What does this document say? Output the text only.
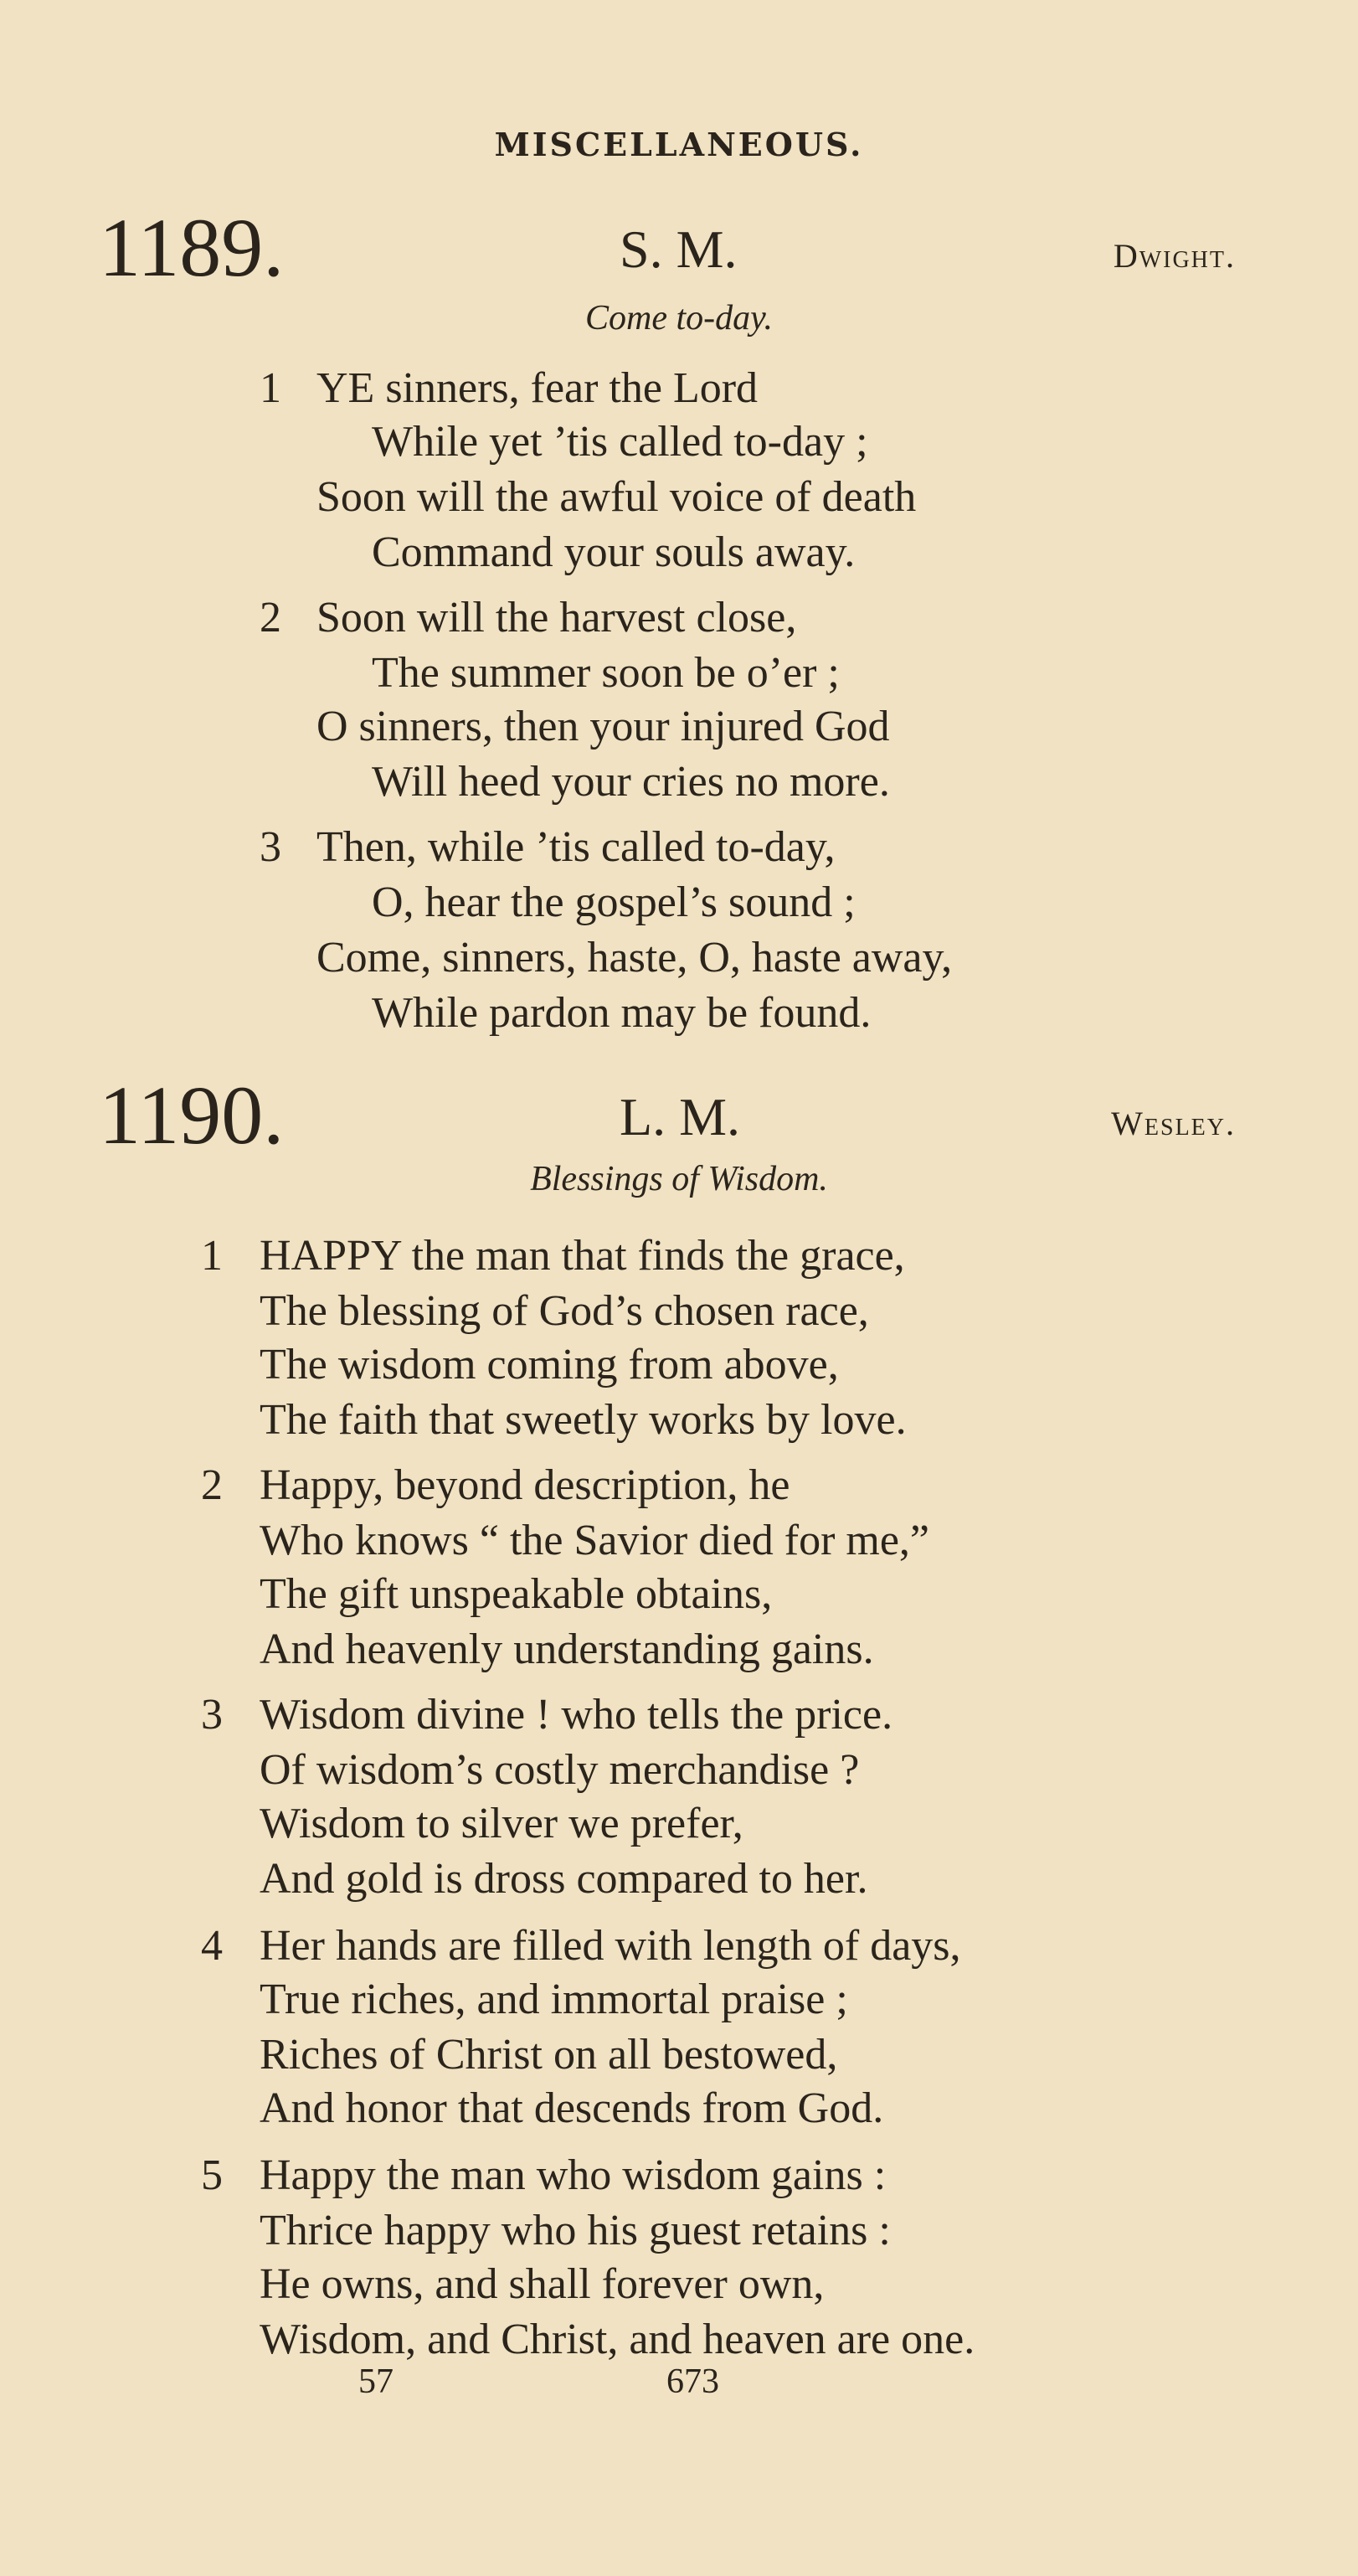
MISCELLANEOUS.
1189.	S. M.	Dwight.
Come to-day.
1 YE sinners, fear the Lord
While yet ’tis called to-day ;
Soon will the awful voice of death
Command your souls away.
2 Soon will the harvest close,
The summer soon be o’er ;
O sinners, then your injured God
Will heed your cries no more.
3 Then, while ’tis called to-day,
O, hear the gospel’s sound ;
Come, sinners, haste, O, haste away,
While pardon may be found.
1190.	L. M.	Wesley.
Blessings of Wisdom.
1 HAPPY the man that finds the grace,
The blessing of God’s chosen race,
The wisdom coming from above,
The faith that sweetly works by love.
2 Happy, beyond description, he
Who knows “ the Savior died for me,”
The gift unspeakable obtains,
And heavenly understanding gains.
3 Wisdom divine ! who tells the price.
Of wisdom’s costly merchandise ?
Wisdom to silver we prefer,
And gold is dross compared to her.
4 Her hands are filled with length of days,
True riches, and immortal praise ;
Riches of Christ on all bestowed,
And honor that descends from God.
5 Happy the man who wisdom gains :
Thrice happy who his guest retains :
He owns, and shall forever own,
Wisdom, and Christ, and heaven are one.
57	673
